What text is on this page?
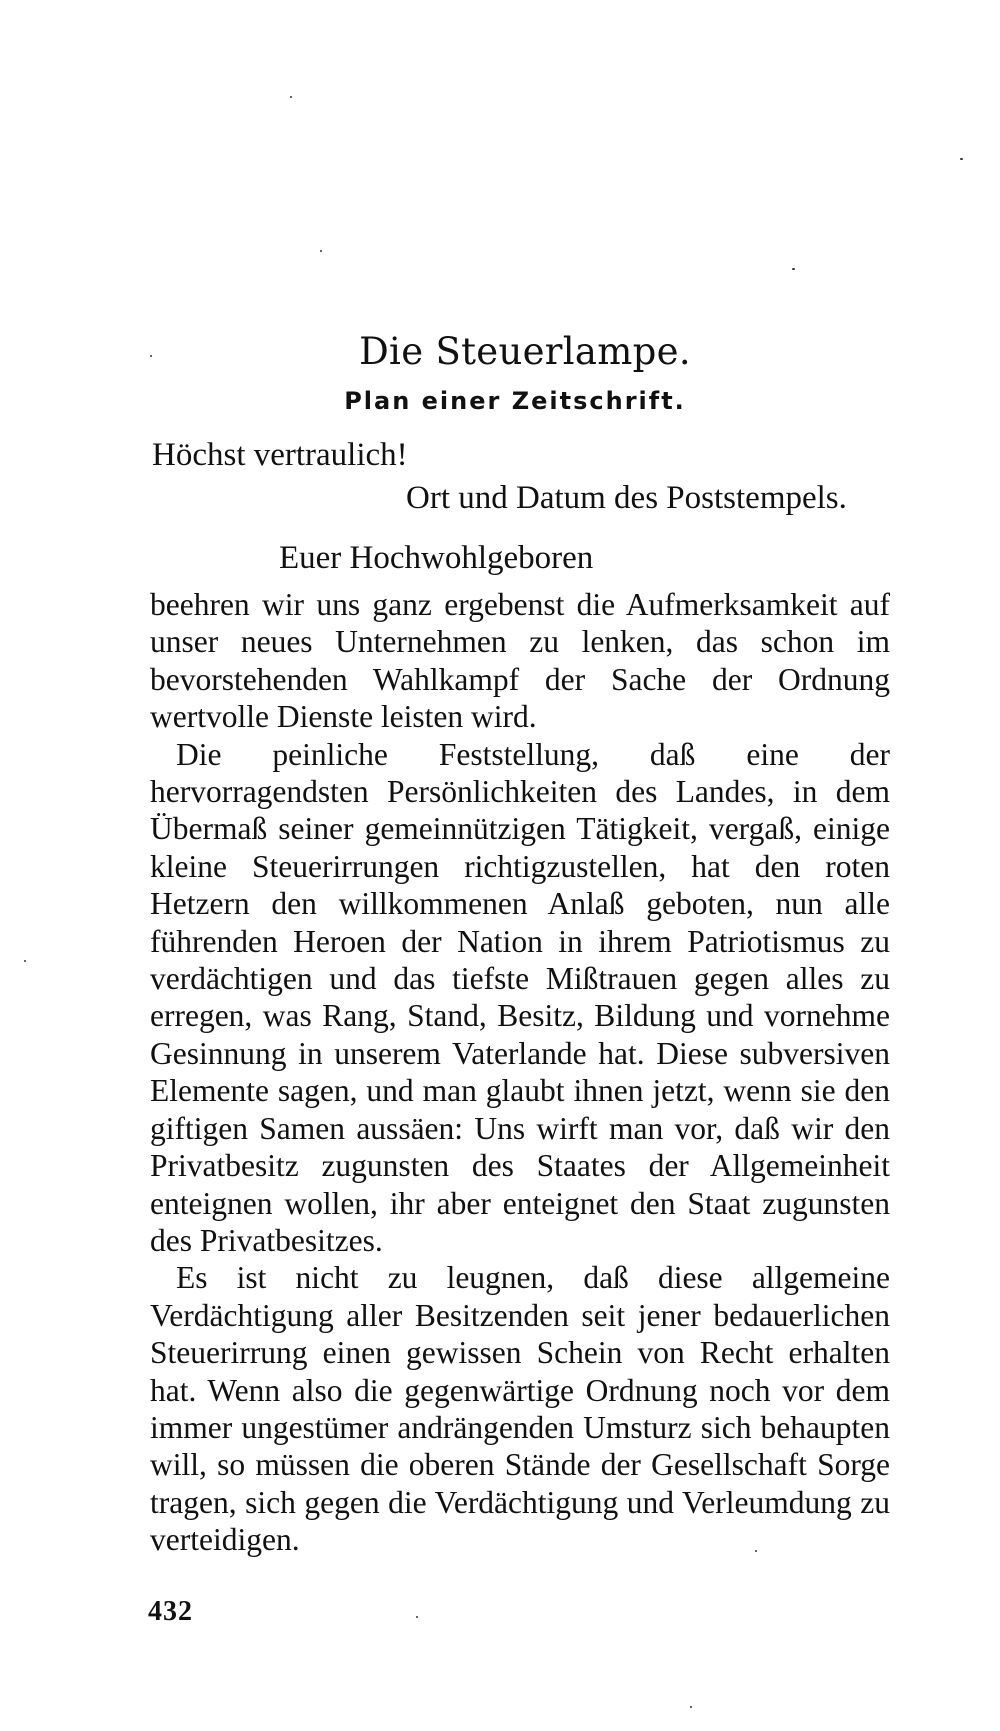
Die Steuerlampe.
Plan einer Zeitschrift.
Höchst vertraulich!
Ort und Datum des Poststempels.
Euer Hochwohlgeboren

beehren wir uns ganz ergebenst die Aufmerksamkeit auf unser neues Unternehmen zu lenken, das schon im bevorstehenden Wahlkampf der Sache der Ordnung wertvolle Dienste leisten wird.

Die peinliche Feststellung, daß eine der hervorragendsten Persönlichkeiten des Landes, in dem Übermaß seiner gemeinnützigen Tätigkeit, vergaß, einige kleine Steuerirrungen richtigzustellen, hat den roten Hetzern den willkommenen Anlaß geboten, nun alle führenden Heroen der Nation in ihrem Patriotismus zu verdächtigen und das tiefste Mißtrauen gegen alles zu erregen, was Rang, Stand, Besitz, Bildung und vornehme Gesinnung in unserem Vaterlande hat. Diese subversiven Elemente sagen, und man glaubt ihnen jetzt, wenn sie den giftigen Samen aussäen: Uns wirft man vor, daß wir den Privatbesitz zugunsten des Staates der Allgemeinheit enteignen wollen, ihr aber enteignet den Staat zugunsten des Privatbesitzes.

Es ist nicht zu leugnen, daß diese allgemeine Verdächtigung aller Besitzenden seit jener bedauerlichen Steuerirrung einen gewissen Schein von Recht erhalten hat. Wenn also die gegenwärtige Ordnung noch vor dem immer ungestümer andrängenden Umsturz sich behaupten will, so müssen die oberen Stände der Gesellschaft Sorge tragen, sich gegen die Verdächtigung und Verleumdung zu verteidigen.

432
